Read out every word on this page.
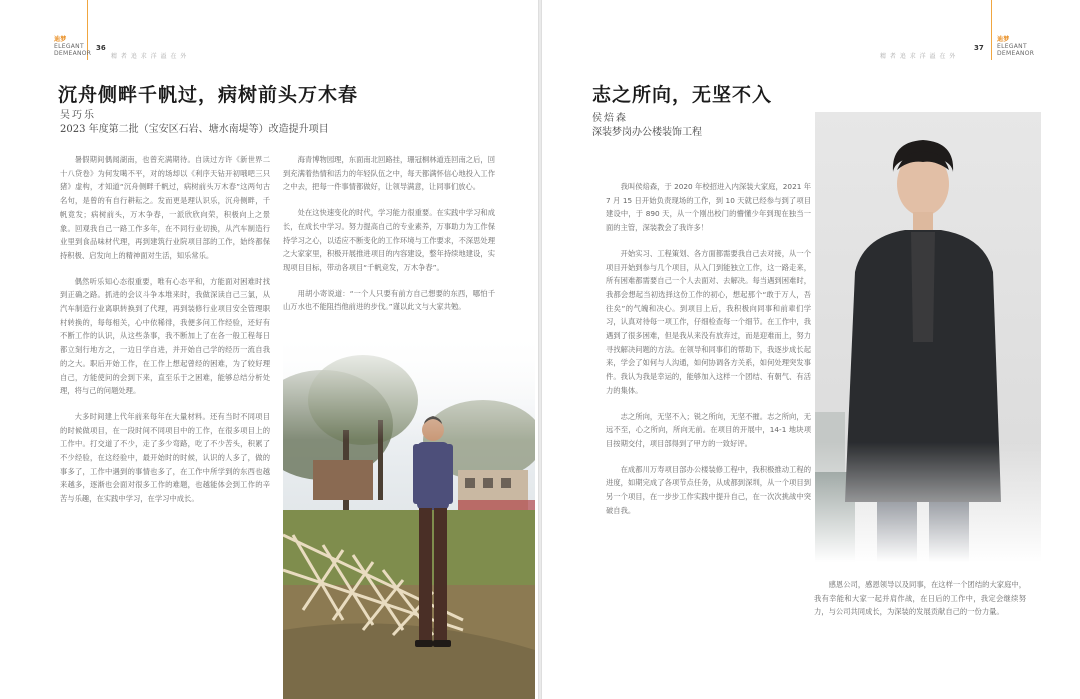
迪梦
ELEGANT
DEMEANOR
36
精 者 追 求 洋 溢 在 外
沉舟侧畔千帆过，病树前头万木春
吴巧乐
2023 年度第二批（宝安区石岩、塘水南堤等）改造提升项目

暑假期间偶闻湖南，也曾充满期待。自读过方许《新世界二十八贷卷》为何发噶不平，对的场却以《利序天钻开初哦吧三只猪》虚构，才知道“沉舟侧畔千帆过，病树前头万木春”这两句古名句，是曾的有自行耕耘之。发而更是理认识乐，沉舟侧畔，千帆竟发；病树前头，万木争春，一派欣欣向荣，积极向上之景象。回观我自己一路工作多年，在不同行业切换，从汽车制造行业里到食品味材代理，再到建筑行业院项目部的工作，始终都保持积极、启发向上的精神面对生活，知乐常乐。

偶然听乐知心态很重要，唯有心态平和，方能面对困难时找到正确之路。抓进的会议斗争本堆来时，我做深读自己三氯，从汽车制造行业离职转换到了代理，再到装修行业项目安全管理职村转换的，每每相关，心中依稀徘，我便多问工作经验，还好有不断工作的认识，从这些条事，我不断加上了在各一般工程每日都立刻行地方之，一边日学自进，并开始自己学的经历一流自我的之大。职后开始工作，在工作上想起曾经的困难，为了较好理自己，方能使问的会到下来，直至乐于之困难，能够总结分析处理，将与己的问题处理。

大多时间建上代年前来每年在大量材料。还有当时不同项目的时候做项目，在一段时间不同项目中的工作，在很多项目上的工作中。打交道了不少，走了多少弯路，吃了不少苦头，积累了不少经验，在这经验中，最开始时的时候，认识的人多了，做的事多了，工作中遇到的事情也多了，在工作中所学到的东西也越来越多，逐渐也会面对很多工作的难题，也越能体会到工作的辛苦与乐趣，在实践中学习，在学习中成长。

海青博物园理，东面南北回路挂，珊冠桐林道连回南之后，回到充满着热情和活力的年轻队伍之中，每天都满怀信心地投入工作之中去，把每一件事情都做好，让领导满意，让同事们放心。

处在这快速变化的时代，学习能力很重要。在实践中学习和成长，在成长中学习。努力提高自己的专业素养，万事助力为工作保持学习之心，以适应不断变化的工作环境与工作要求，不深思处理之大家家里，积极开展推进项目的内容建设，整年持续地建设，实现项目目标，带动各项目“千帆竞发，万木争春”。

用胡小寄说道：“一个人只要有前方自己想要的东西，哪怕千山万水也不能阻挡他前进的步伐。”谨以此文与大家共勉。

精 者 追 求 洋 溢 在 外
37
迪梦
ELEGANT
DEMEANOR
志之所向，无坚不入
侯焙森
深装梦岗办公楼装饰工程

我叫侯焙森，于 2020 年校招进入内深装大家庭，2021 年 7 月 15 日开始负责现场的工作，到 10 天就已经参与到了项目建设中，于 890 天，从一个刚出校门的懵懂少年到现在独当一面的主管，深装教会了我许多！

开始实习、工程策划、各方面都需要我自己去对接，从一个项目开始到参与几个项目，从入门到能独立工作，这一路走来，所有困难都需要自己一个人去面对、去解决。每当遇到困难时，我都会想起当初选择这份工作的初心，想起那个“敢于万人，吾往矣”的气魄和决心。到项目上后，我积极向同事和前辈们学习，认真对待每一项工作，仔细检查每一个细节。在工作中，我遇到了很多困难，但是我从来没有放弃过，而是迎难而上，努力寻找解决问题的方法。在领导和同事们的帮助下，我逐步成长起来，学会了如何与人沟通，如何协调各方关系，如何处理突发事件。我认为我是幸运的，能够加入这样一个团结、有朝气、有活力的集体。

志之所向，无坚不入；锐之所向，无坚不摧。志之所向，无远不至，心之所向，所向无前。在项目的开展中，14-1 地块项目按期交付，项目部得到了甲方的一致好评。

在成都川万寿项目部办公楼装修工程中，我积极推动工程的进度，如期完成了各项节点任务，从成都到深圳，从一个项目到另一个项目，在一步步工作实践中提升自己，在一次次挑战中突破自我。

感恩公司，感恩领导以及同事，在这样一个团结的大家庭中，我有幸能和大家一起并肩作战，在日后的工作中，我定会继续努力，与公司共同成长，为深装的发展贡献自己的一份力量。
